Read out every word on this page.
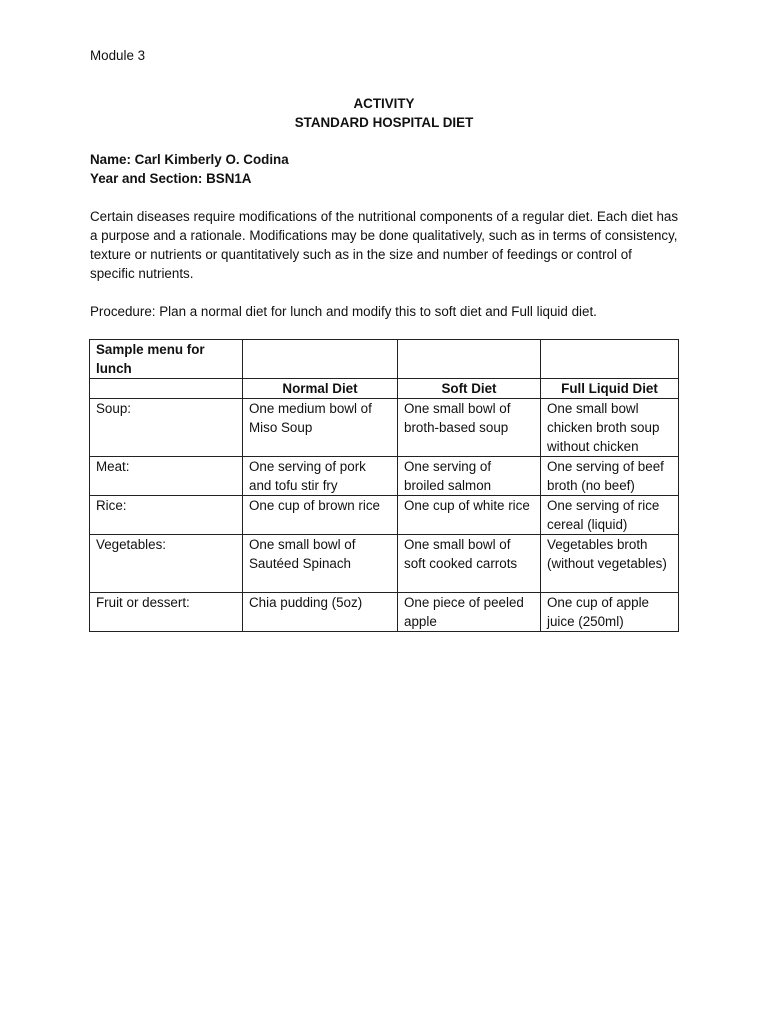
Module 3
ACTIVITY
STANDARD HOSPITAL DIET
Name: Carl Kimberly O. Codina
Year and Section: BSN1A
Certain diseases require modifications of the nutritional components of a regular diet. Each diet has a purpose and a rationale. Modifications may be done qualitatively, such as in terms of consistency, texture or nutrients or quantitatively such as in the size and number of feedings or control of specific nutrients.
Procedure: Plan a normal diet for lunch and modify this to soft diet and Full liquid diet.
Sample menu for lunch			
	Normal Diet	Soft Diet	Full Liquid Diet
Soup:	One medium bowl of Miso Soup	One small bowl of broth-based soup	One small bowl chicken broth soup without chicken
Meat:	One serving of pork and tofu stir fry	One serving of broiled salmon	One serving of beef broth (no beef)
Rice:	One cup of brown rice	One cup of white rice	One serving of rice cereal (liquid)
Vegetables:	One small bowl of Sautéed Spinach	One small bowl of soft cooked carrots	Vegetables broth (without vegetables)
Fruit or dessert:	Chia pudding (5oz)	One piece of peeled apple	One cup of apple juice (250ml)
